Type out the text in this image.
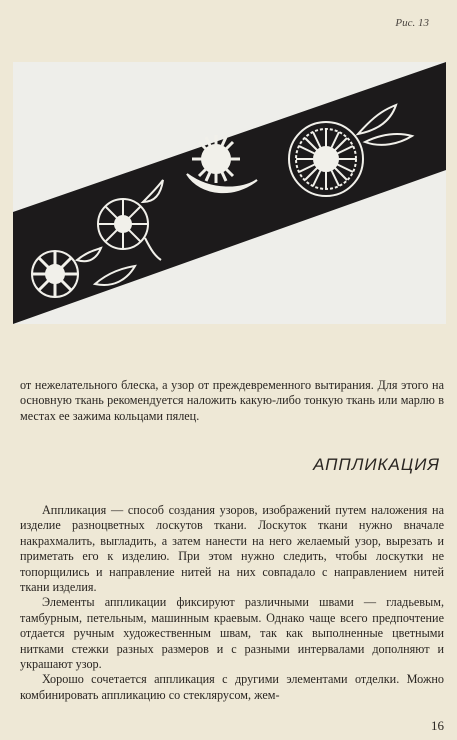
Рис. 13

от нежелательного блеска, а узор от преждевременного вытирания. Для этого на основную ткань рекомендуется наложить какую-либо тонкую ткань или марлю в местах ее зажима кольцами пялец.

АППЛИКАЦИЯ

Аппликация — способ создания узоров, изображений путем наложения на изделие разноцветных лоскутов ткани. Лоскуток ткани нужно вначале накрахмалить, выгладить, а затем нанести на него желаемый узор, вырезать и приметать его к изделию. При этом нужно следить, чтобы лоскутки не топорщились и направление нитей на них совпадало с направлением нитей ткани изделия.

Элементы аппликации фиксируют различными швами — гладьевым, тамбурным, петельным, машинным краевым. Однако чаще всего предпочтение отдается ручным художественным швам, так как выполненные цветными нитками стежки разных размеров и с разными интервалами дополняют и украшают узор.

Хорошо сочетается аппликация с другими элементами отделки. Можно комбинировать аппликацию со стеклярусом, жем-

16
